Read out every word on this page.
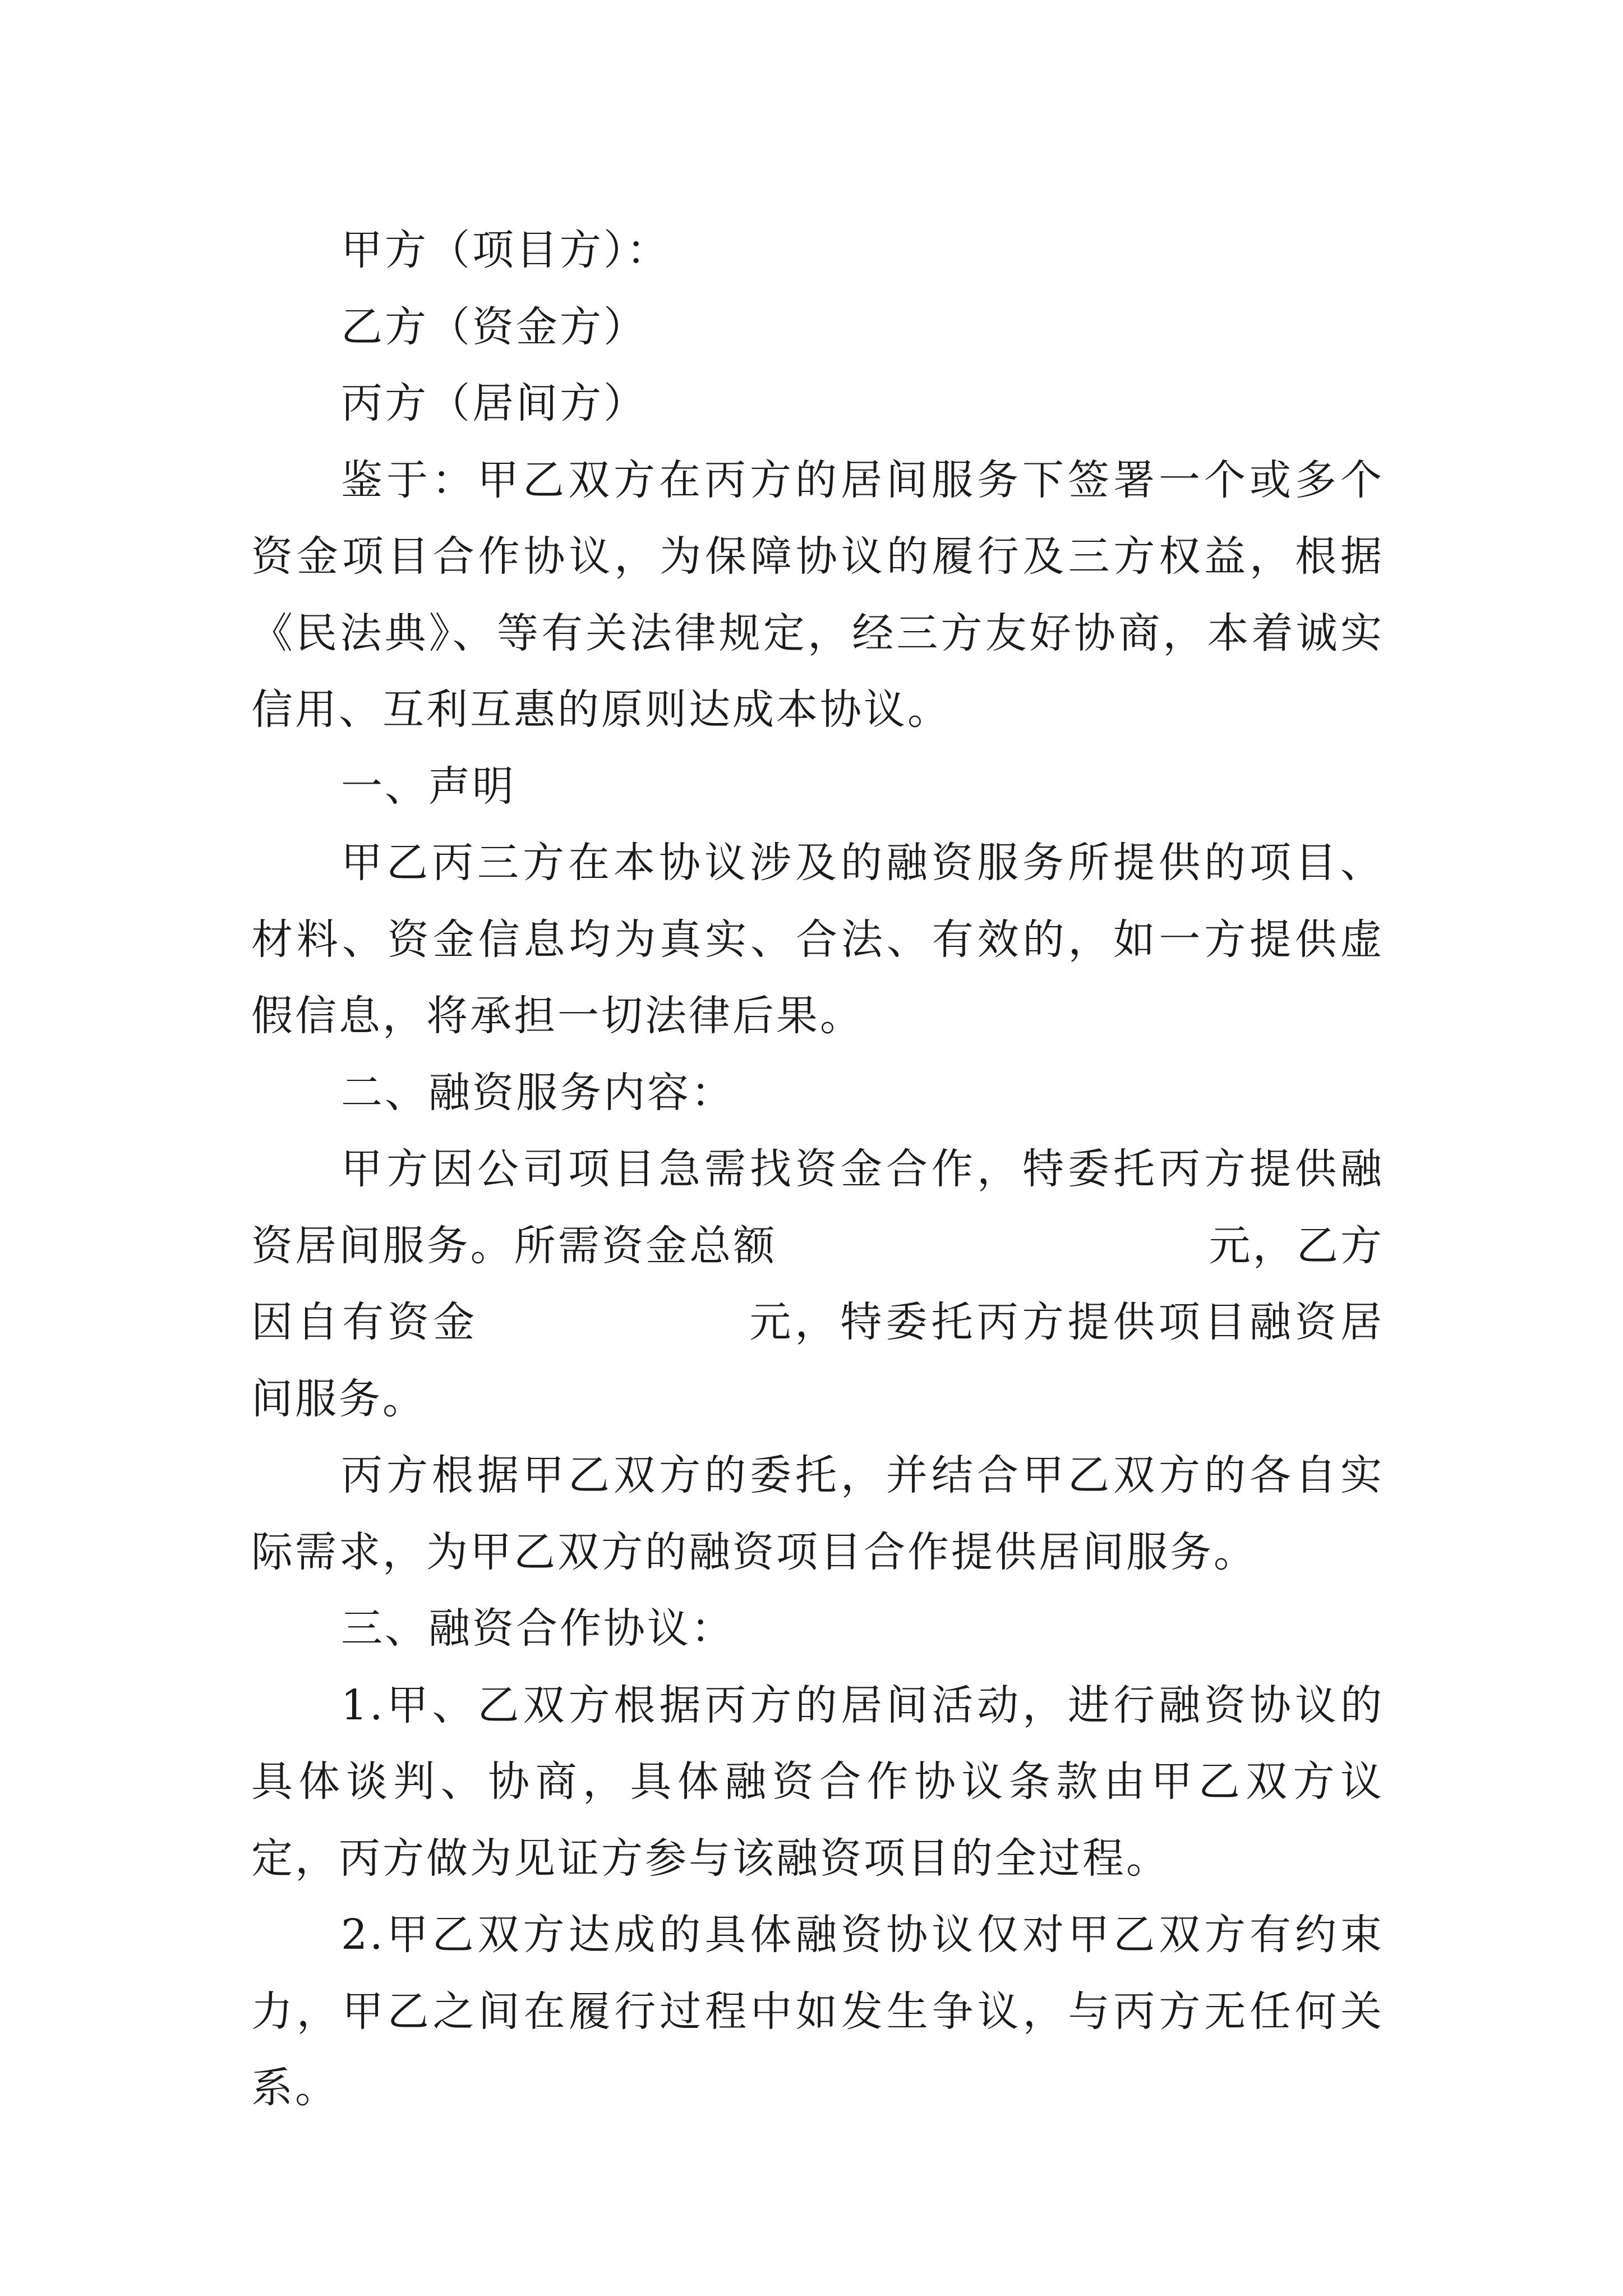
甲方（项目方）：

乙方（资金方）

丙方（居间方）

鉴于：甲乙双方在丙方的居间服务下签署一个或多个资金项目合作协议，为保障协议的履行及三方权益，根据《民法典》、等有关法律规定，经三方友好协商，本着诚实信用、互利互惠的原则达成本协议。

一、声明

甲乙丙三方在本协议涉及的融资服务所提供的项目、材料、资金信息均为真实、合法、有效的，如一方提供虚假信息，将承担一切法律后果。

二、融资服务内容：

甲方因公司项目急需找资金合作，特委托丙方提供融资居间服务。所需资金总额	元，乙方因自有资金	元，特委托丙方提供项目融资居间服务。

丙方根据甲乙双方的委托，并结合甲乙双方的各自实际需求，为甲乙双方的融资项目合作提供居间服务。

三、融资合作协议：

1.甲、乙双方根据丙方的居间活动，进行融资协议的具体谈判、协商，具体融资合作协议条款由甲乙双方议定，丙方做为见证方参与该融资项目的全过程。

2.甲乙双方达成的具体融资协议仅对甲乙双方有约束力，甲乙之间在履行过程中如发生争议，与丙方无任何关系。
